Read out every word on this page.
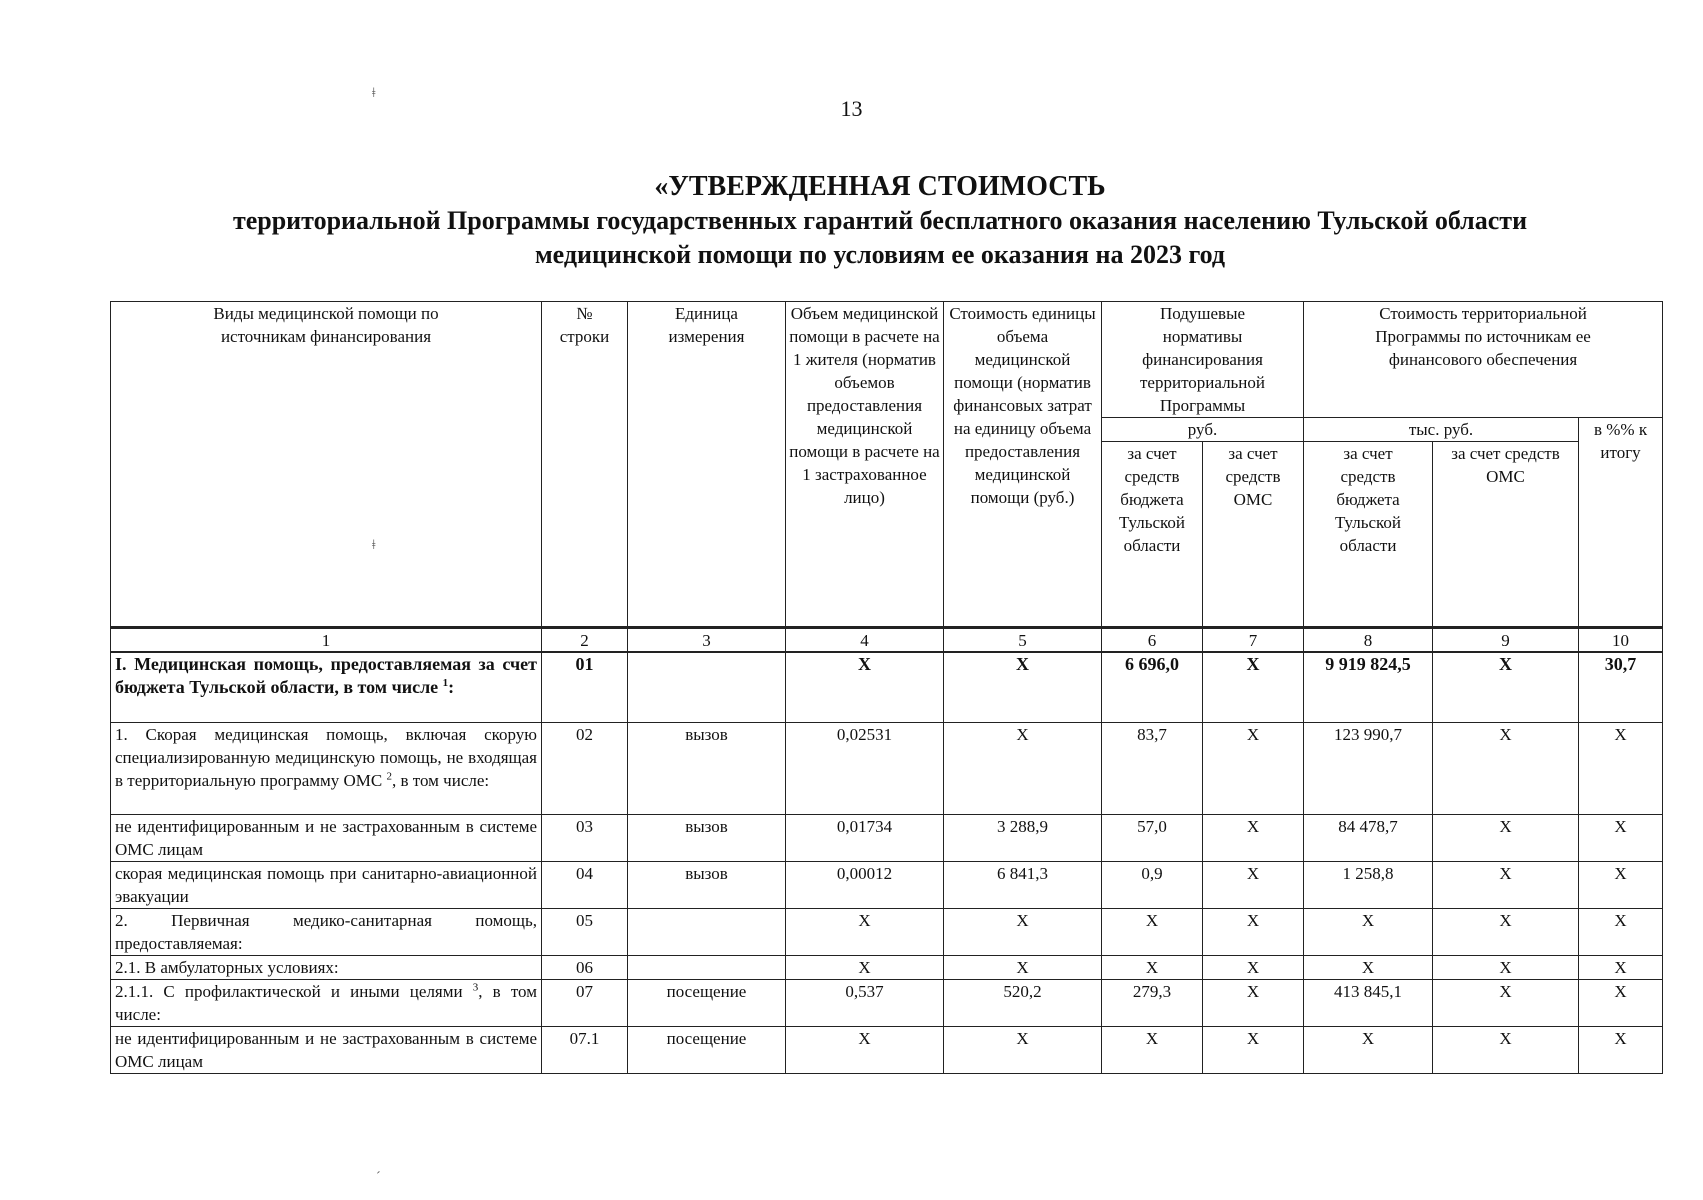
13
«УТВЕРЖДЕННАЯ СТОИМОСТЬ
территориальной Программы государственных гарантий бесплатного оказания населению Тульской области
медицинской помощи по условиям ее оказания на 2023 год
ǂ
ǂ
Виды медицинской помощи по источникам финансирования	№ строки	Единица измерения	Объем медицинской помощи в расчете на 1 жителя (норматив объемов предоставления медицинской помощи в расчете на 1 застрахованное лицо)	Стоимость единицы объема медицинской помощи (норматив финансовых затрат на единицу объема предоставления медицинской помощи (руб.)	Подушевые нормативы финансирования территориальной Программы		Стоимость территориальной Программы по источникам ее финансового обеспечения		
					руб.		тыс. руб.		в %% к итогу
					за счет средств бюджета Тульской области	за счет средств ОМС	за счет средств бюджета Тульской области	за счет средств ОМС	
1	2	3	4	5	6	7	8	9	10
I. Медицинская помощь, предоставляемая за счет бюджета Тульской области, в том числе $^1$:	01		X	X	6 696,0	X	9 919 824,5	X	30,7
1. Скорая медицинская помощь, включая скорую специализированную медицинскую помощь, не входящая в территориальную программу ОМС $^2$, в том числе:	02	вызов	0,02531	X	83,7	X	123 990,7	X	X
не идентифицированным и не застрахованным в системе ОМС лицам	03	вызов	0,01734	3 288,9	57,0	X	84 478,7	X	X
скорая медицинская помощь при санитарно-авиационной эвакуации	04	вызов	0,00012	6 841,3	0,9	X	1 258,8	X	X
2. Первичная медико-санитарная помощь, предоставляемая:	05		X	X	X	X	X	X	X
2.1. В амбулаторных условиях:	06		X	X	X	X	X	X	X
2.1.1. С профилактической и иными целями $^3$, в том числе:	07	посещение	0,537	520,2	279,3	X	413 845,1	X	X
не идентифицированным и не застрахованным в системе ОМС лицам	07.1	посещение	X	X	X	X	X	X	X
ˊ
